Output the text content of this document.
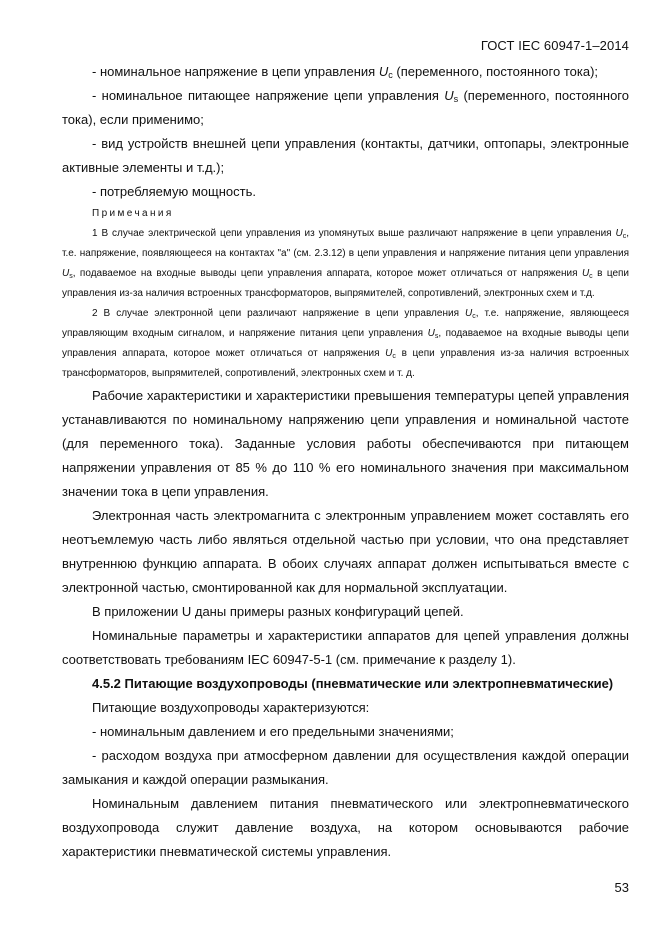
ГОСТ IEC 60947-1–2014

- номинальное напряжение в цепи управления $U_c$ (переменного, постоянного тока);

- номинальное питающее напряжение цепи управления $U_s$ (переменного, постоянного тока), если применимо;

- вид устройств внешней цепи управления (контакты, датчики, оптопары, электронные активные элементы и т.д.);

- потребляемую мощность.

Примечания

1 В случае электрической цепи управления из упомянутых выше различают напряжение в цепи управления $U_c$, т.е. напряжение, появляющееся на контактах "a" (см. 2.3.12) в цепи управления и напряжение питания цепи управления $U_s$, подаваемое на входные выводы цепи управления аппарата, которое может отличаться от напряжения $U_c$ в цепи управления из-за наличия встроенных трансформаторов, выпрямителей, сопротивлений, электронных схем и т.д.

2 В случае электронной цепи различают напряжение в цепи управления $U_c$, т.е. напряжение, являющееся управляющим входным сигналом, и напряжение питания цепи управления $U_s$, подаваемое на входные выводы цепи управления аппарата, которое может отличаться от напряжения $U_c$ в цепи управления из-за наличия встроенных трансформаторов, выпрямителей, сопротивлений, электронных схем и т. д.

Рабочие характеристики и характеристики превышения температуры цепей управления устанавливаются по номинальному напряжению цепи управления и номинальной частоте (для переменного тока). Заданные условия работы обеспечиваются при питающем напряжении управления от 85 % до 110 % его номинального значения при максимальном значении тока в цепи управления.

Электронная часть электромагнита с электронным управлением может составлять его неотъемлемую часть либо являться отдельной частью при условии, что она представляет внутреннюю функцию аппарата. В обоих случаях аппарат должен испытываться вместе с электронной частью, смонтированной как для нормальной эксплуатации.

В приложении U даны примеры разных конфигураций цепей.

Номинальные параметры и характеристики аппаратов для цепей управления должны соответствовать требованиям IEC 60947-5-1 (см. примечание к разделу 1).

4.5.2 Питающие воздухопроводы (пневматические или электропневматические)

Питающие воздухопроводы характеризуются:

- номинальным давлением и его предельными значениями;

- расходом воздуха при атмосферном давлении для осуществления каждой операции замыкания и каждой операции размыкания.

Номинальным давлением питания пневматического или электропневматического воздухопровода служит давление воздуха, на котором основываются рабочие характеристики пневматической системы управления.

53
